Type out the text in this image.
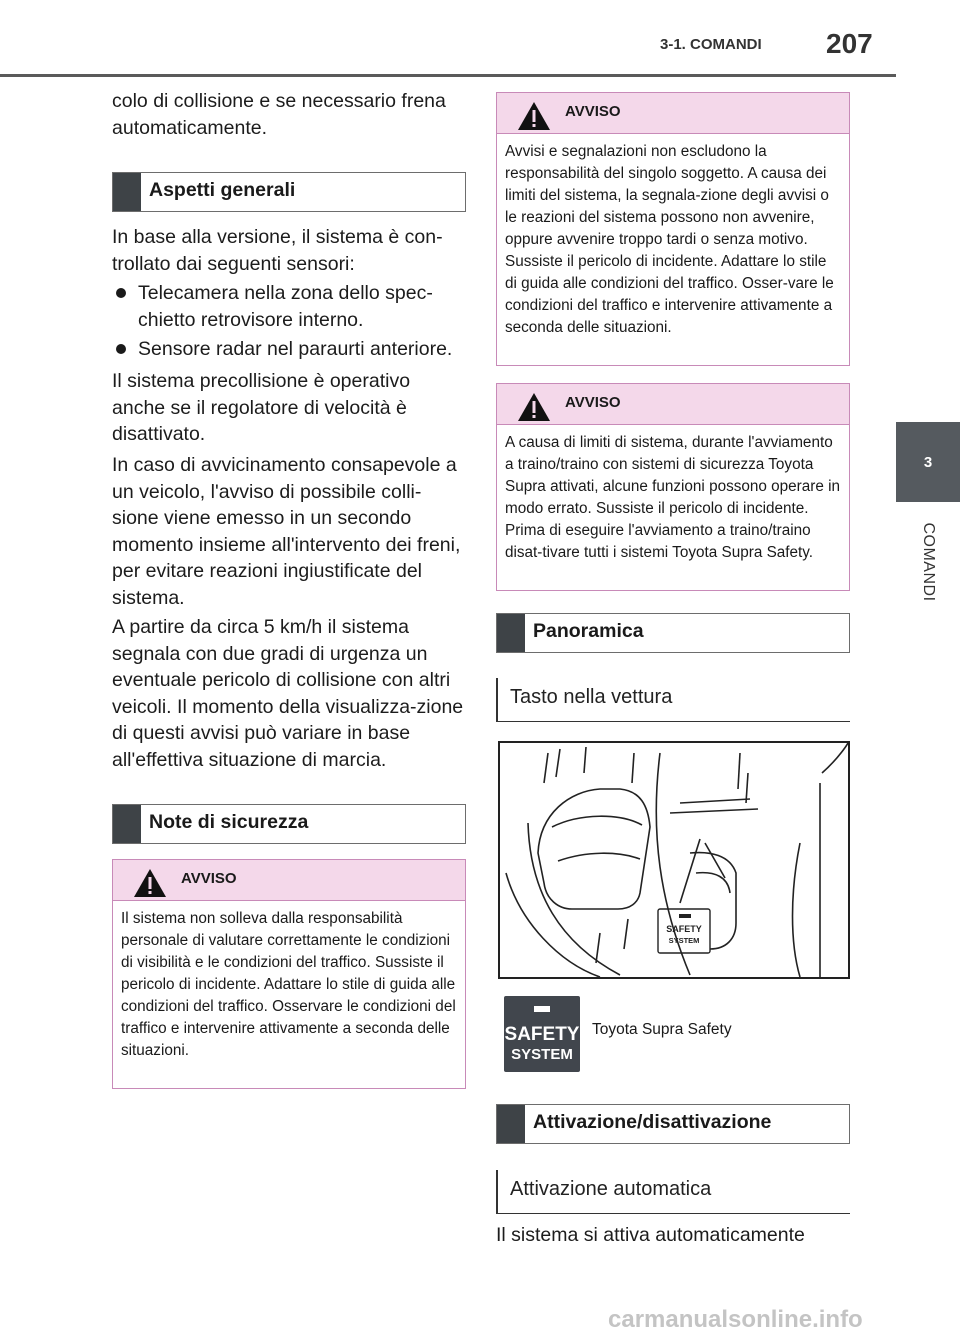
3-1. COMANDI 207
3
COMANDI

colo di collisione e se necessario frena automaticamente.

Aspetti generali

In base alla versione, il sistema è con-trollato dai seguenti sensori:

Telecamera nella zona dello spec-chietto retrovisore interno.
Sensore radar nel paraurti anteriore.

Il sistema precollisione è operativo anche se il regolatore di velocità è disattivato.

In caso di avvicinamento consapevole a un veicolo, l'avviso di possibile colli-sione viene emesso in un secondo momento insieme all'intervento dei freni, per evitare reazioni ingiustificate del sistema.

A partire da circa 5 km/h il sistema segnala con due gradi di urgenza un eventuale pericolo di collisione con altri veicoli. Il momento della visualizza-zione di questi avvisi può variare in base all'effettiva situazione di marcia.

Note di sicurezza
AVVISO
Il sistema non solleva dalla responsabilità personale di valutare correttamente le condizioni di visibilità e le condizioni del traffico. Sussiste il pericolo di incidente. Adattare lo stile di guida alle condizioni del traffico. Osservare le condizioni del traffico e intervenire attivamente a seconda delle situazioni.
AVVISO
Avvisi e segnalazioni non escludono la responsabilità del singolo soggetto. A causa dei limiti del sistema, la segnala-zione degli avvisi o le reazioni del sistema possono non avvenire, oppure avvenire troppo tardi o senza motivo. Sussiste il pericolo di incidente. Adattare lo stile di guida alle condizioni del traffico. Osser-vare le condizioni del traffico e intervenire attivamente a seconda delle situazioni.
AVVISO
A causa di limiti di sistema, durante l'avviamento a traino/traino con sistemi di sicurezza Toyota Supra attivati, alcune funzioni possono operare in modo errato. Sussiste il pericolo di incidente. Prima di eseguire l'avviamento a traino/traino disat-tivare tutti i sistemi Toyota Supra Safety.
Panoramica
Tasto nella vettura
SAFETY
SYSTEM
SAFETY
SYSTEM
Toyota Supra Safety
Attivazione/disattivazione
Attivazione automatica

Il sistema si attiva automaticamente

carmanualsonline.info
